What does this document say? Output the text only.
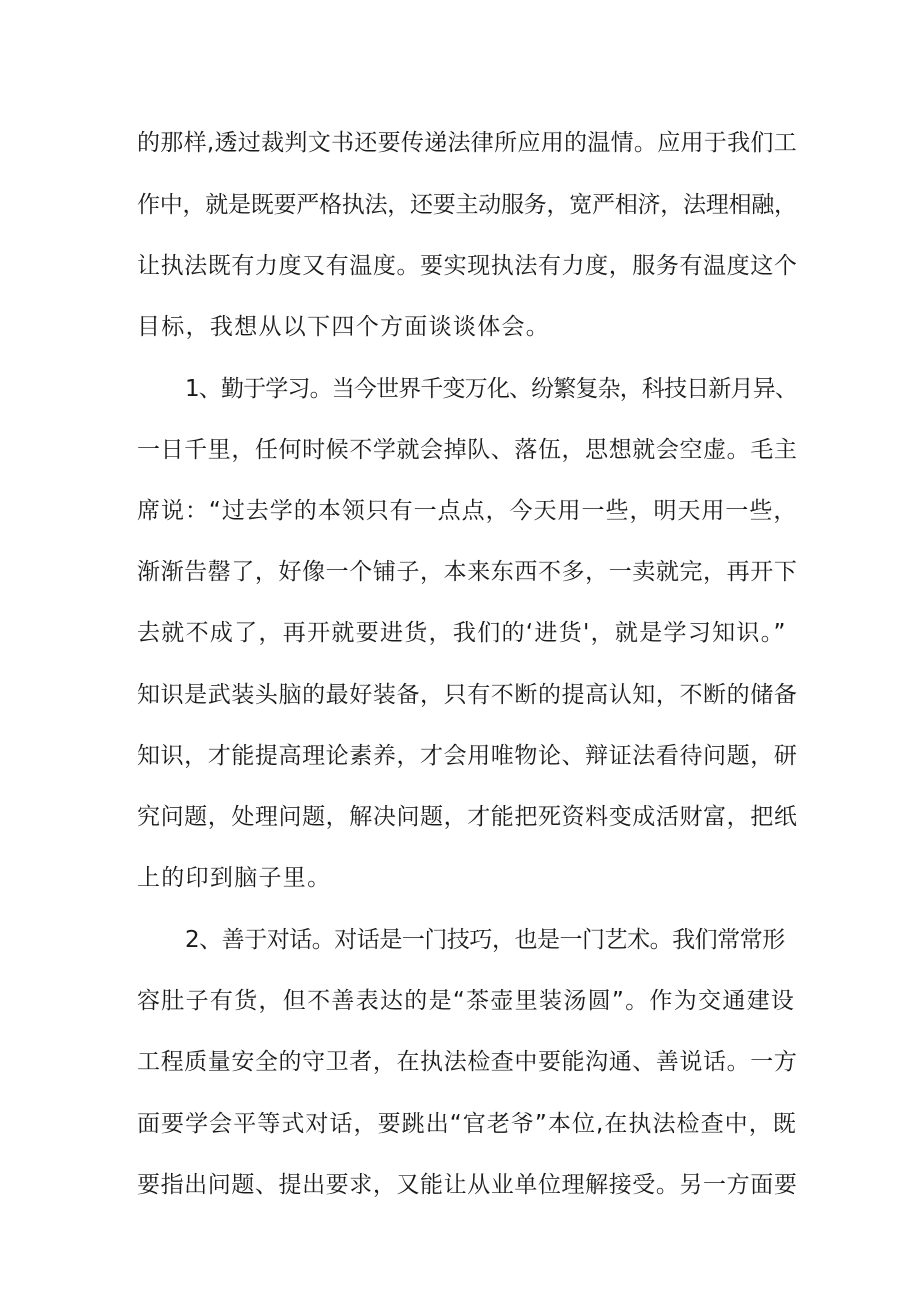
的那样,透过裁判文书还要传递法律所应用的温情。应用于我们工
作中，就是既要严格执法，还要主动服务，宽严相济，法理相融，
让执法既有力度又有温度。要实现执法有力度，服务有温度这个
目标，我想从以下四个方面谈谈体会。
1、勤于学习。当今世界千变万化、纷繁复杂，科技日新月异、
一日千里，任何时候不学就会掉队、落伍，思想就会空虚。毛主
席说：“过去学的本领只有一点点，今天用一些，明天用一些，
渐渐告罄了，好像一个铺子，本来东西不多，一卖就完，再开下
去就不成了，再开就要进货，我们的‘进货'，就是学习知识。”
知识是武装头脑的最好装备，只有不断的提高认知，不断的储备
知识，才能提高理论素养，才会用唯物论、辩证法看待问题，研
究问题，处理问题，解决问题，才能把死资料变成活财富，把纸
上的印到脑子里。
2、善于对话。对话是一门技巧，也是一门艺术。我们常常形
容肚子有货，但不善表达的是“茶壶里装汤圆”。作为交通建设
工程质量安全的守卫者，在执法检查中要能沟通、善说话。一方
面要学会平等式对话，要跳出“官老爷”本位,在执法检查中，既
要指出问题、提出要求，又能让从业单位理解接受。另一方面要
